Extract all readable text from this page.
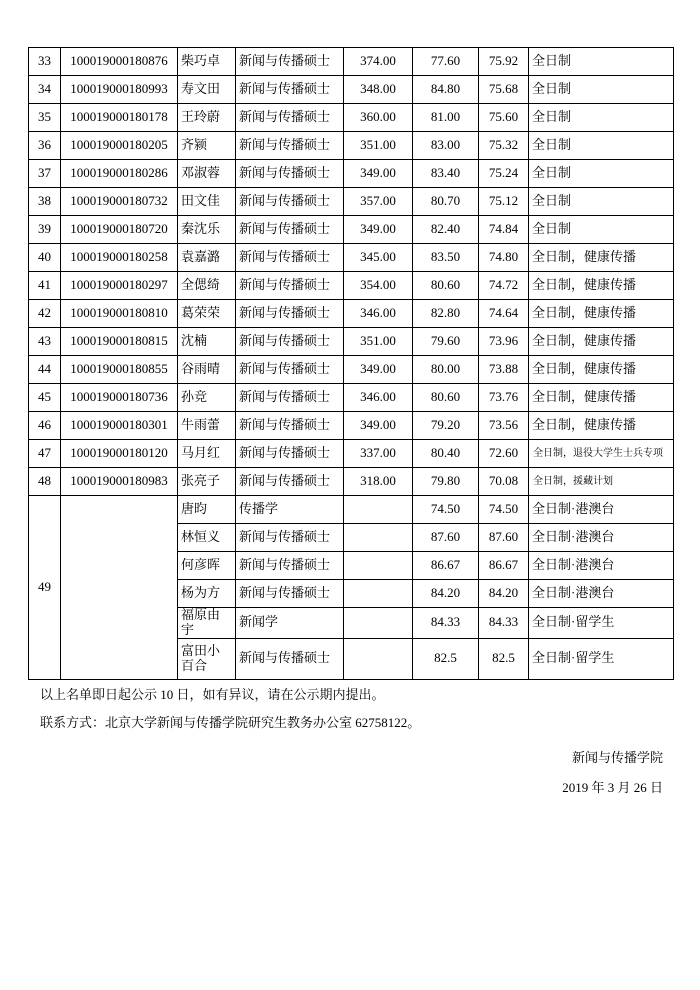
33	100019000180876	柴巧卓	新闻与传播硕士	374.00	77.60	75.92	全日制
34	100019000180993	寿文田	新闻与传播硕士	348.00	84.80	75.68	全日制
35	100019000180178	王玲蔚	新闻与传播硕士	360.00	81.00	75.60	全日制
36	100019000180205	齐颍	新闻与传播硕士	351.00	83.00	75.32	全日制
37	100019000180286	邓淑蓉	新闻与传播硕士	349.00	83.40	75.24	全日制
38	100019000180732	田文佳	新闻与传播硕士	357.00	80.70	75.12	全日制
39	100019000180720	秦沈乐	新闻与传播硕士	349.00	82.40	74.84	全日制
40	100019000180258	袁嘉潞	新闻与传播硕士	345.00	83.50	74.80	全日制，健康传播
41	100019000180297	全偲绮	新闻与传播硕士	354.00	80.60	74.72	全日制，健康传播
42	100019000180810	葛荣荣	新闻与传播硕士	346.00	82.80	74.64	全日制，健康传播
43	100019000180815	沈楠	新闻与传播硕士	351.00	79.60	73.96	全日制，健康传播
44	100019000180855	谷雨晴	新闻与传播硕士	349.00	80.00	73.88	全日制，健康传播
45	100019000180736	孙竞	新闻与传播硕士	346.00	80.60	73.76	全日制，健康传播
46	100019000180301	牛雨蕾	新闻与传播硕士	349.00	79.20	73.56	全日制，健康传播
47	100019000180120	马月红	新闻与传播硕士	337.00	80.40	72.60	全日制，退役大学生士兵专项
48	100019000180983	张亮子	新闻与传播硕士	318.00	79.80	70.08	全日制，援藏计划
49		唐昀	传播学		74.50	74.50	全日制·港澳台
		林恒义	新闻与传播硕士		87.60	87.60	全日制·港澳台
		何彦晖	新闻与传播硕士		86.67	86.67	全日制·港澳台
		杨为方	新闻与传播硕士		84.20	84.20	全日制·港澳台
		福原由宇	新闻学		84.33	84.33	全日制·留学生
		富田小百合	新闻与传播硕士		82.5	82.5	全日制·留学生
以上名单即日起公示 10 日，如有异议，请在公示期内提出。
联系方式：北京大学新闻与传播学院研究生教务办公室 62758122。
新闻与传播学院
2019 年 3 月 26 日
